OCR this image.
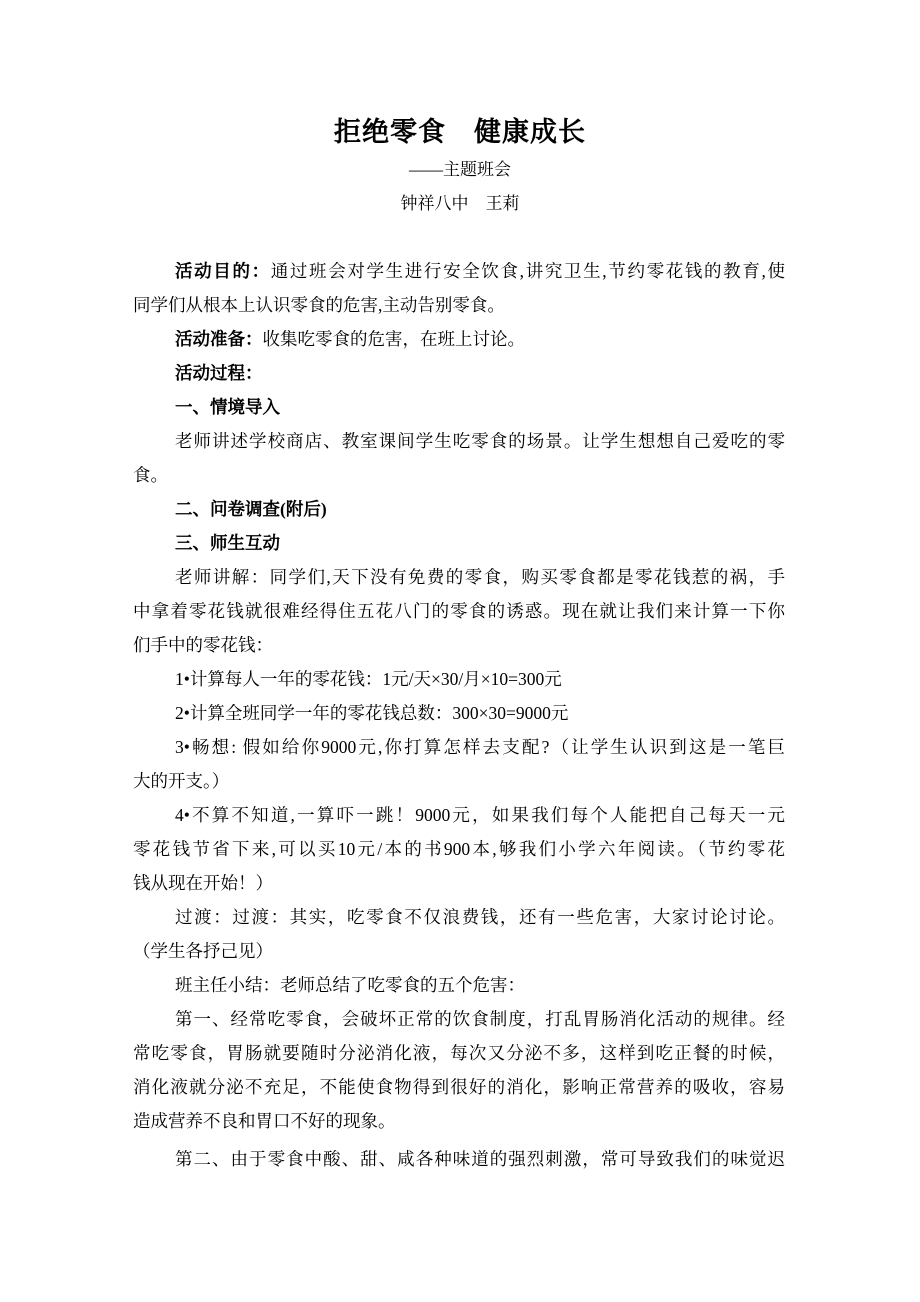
拒绝零食 健康成长
——主题班会
钟祥八中　王莉
活动目的：通过班会对学生进行安全饮食,讲究卫生,节约零花钱的教育,使
同学们从根本上认识零食的危害,主动告别零食。
活动准备：收集吃零食的危害，在班上讨论。
活动过程：
一、情境导入
老师讲述学校商店、教室课间学生吃零食的场景。让学生想想自己爱吃的零
食。
二、问卷调查(附后)
三、师生互动
老师讲解：同学们,天下没有免费的零食，购买零食都是零花钱惹的祸，手
中拿着零花钱就很难经得住五花八门的零食的诱惑。现在就让我们来计算一下你
们手中的零花钱：
1•计算每人一年的零花钱：1元/天×30/月×10=300元
2•计算全班同学一年的零花钱总数：300×30=9000元
3•畅想: 假如给你9000元,你打算怎样去支配?（让学生认识到这是一笔巨
大的开支。）
4•不算不知道,一算吓一跳！9000元，如果我们每个人能把自己每天一元
零花钱节省下来,可以买10元/本的书900本,够我们小学六年阅读。（节约零花
钱从现在开始！）
过渡：过渡：其实，吃零食不仅浪费钱，还有一些危害，大家讨论讨论。
（学生各抒己见）
班主任小结：老师总结了吃零食的五个危害：
第一、经常吃零食，会破坏正常的饮食制度，打乱胃肠消化活动的规律。经
常吃零食，胃肠就要随时分泌消化液，每次又分泌不多，这样到吃正餐的时候，
消化液就分泌不充足，不能使食物得到很好的消化，影响正常营养的吸收，容易
造成营养不良和胃口不好的现象。
第二、由于零食中酸、甜、咸各种味道的强烈刺激，常可导致我们的味觉迟
